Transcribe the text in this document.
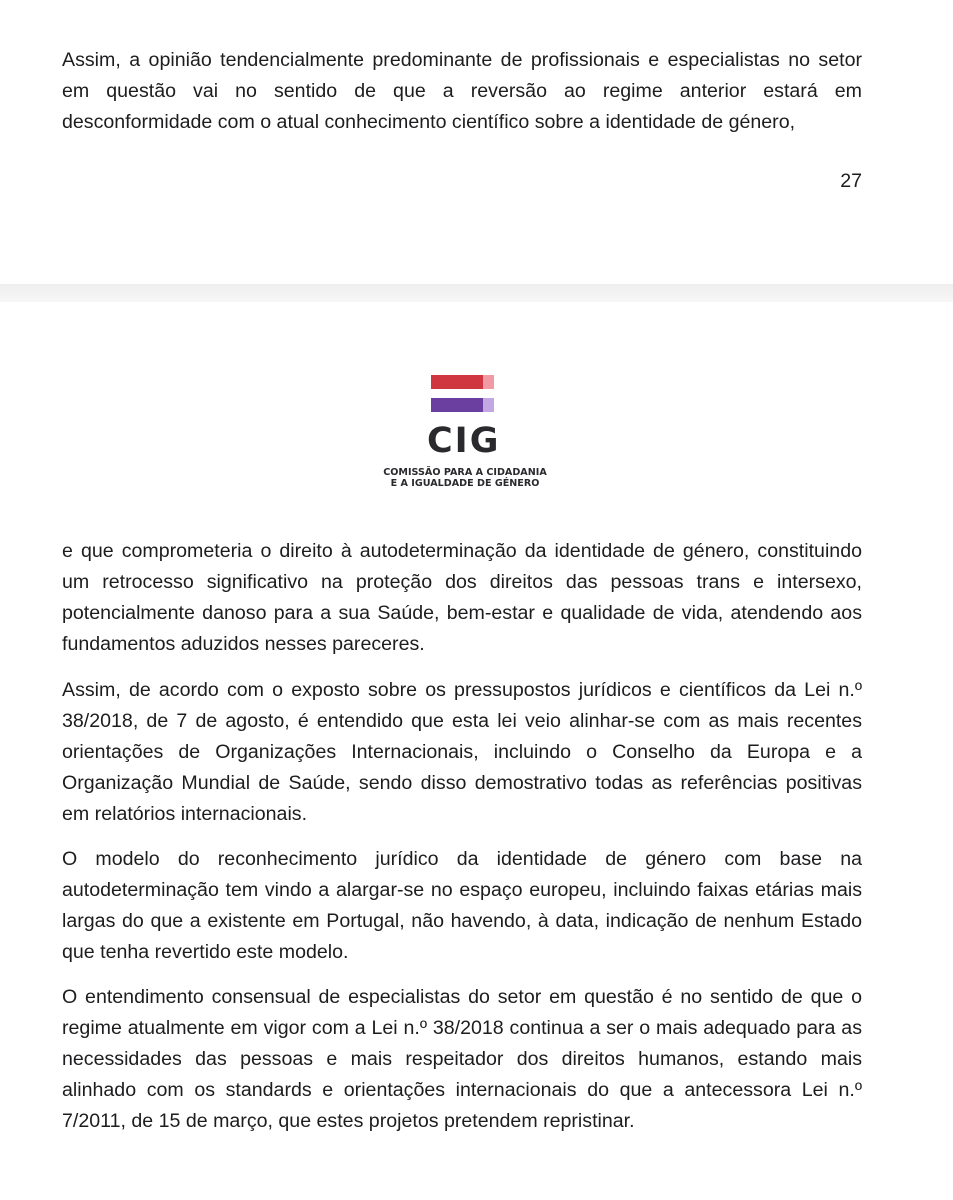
Assim, a opinião tendencialmente predominante de profissionais e especialistas no setor em questão vai no sentido de que a reversão ao regime anterior estará em desconformidade com o atual conhecimento científico sobre a identidade de género,

27

CIG

COMISSÃO PARA A CIDADANIA

E A IGUALDADE DE GÉNERO

e que comprometeria o direito à autodeterminação da identidade de género, constituindo um retrocesso significativo na proteção dos direitos das pessoas trans e intersexo, potencialmente danoso para a sua Saúde, bem-estar e qualidade de vida, atendendo aos fundamentos aduzidos nesses pareceres.

Assim, de acordo com o exposto sobre os pressupostos jurídicos e científicos da Lei n.º 38/2018, de 7 de agosto, é entendido que esta lei veio alinhar-se com as mais recentes orientações de Organizações Internacionais, incluindo o Conselho da Europa e a Organização Mundial de Saúde, sendo disso demostrativo todas as referências positivas em relatórios internacionais.

O modelo do reconhecimento jurídico da identidade de género com base na autodeterminação tem vindo a alargar-se no espaço europeu, incluindo faixas etárias mais largas do que a existente em Portugal, não havendo, à data, indicação de nenhum Estado que tenha revertido este modelo.

O entendimento consensual de especialistas do setor em questão é no sentido de que o regime atualmente em vigor com a Lei n.º 38/2018 continua a ser o mais adequado para as necessidades das pessoas e mais respeitador dos direitos humanos, estando mais alinhado com os standards e orientações internacionais do que a antecessora Lei n.º 7/2011, de 15 de março, que estes projetos pretendem repristinar.
